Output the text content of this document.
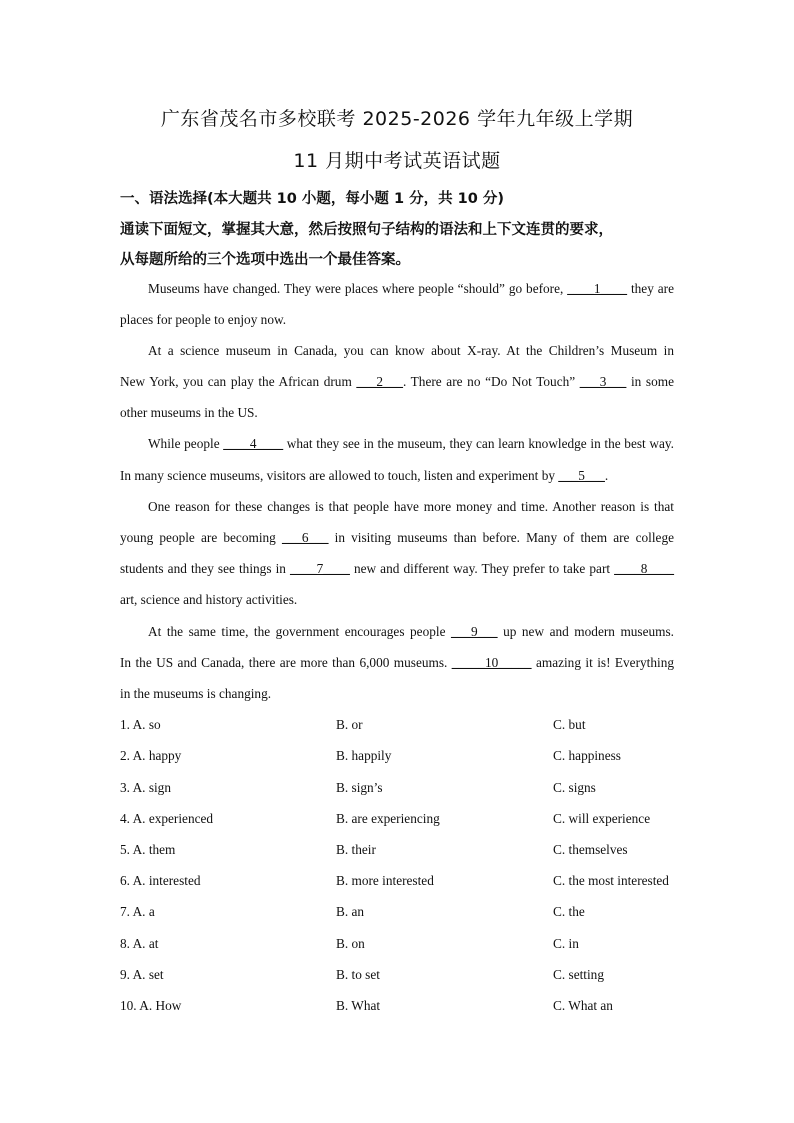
广东省茂名市多校联考 2025-2026 学年九年级上学期
11 月期中考试英语试题
一、语法选择(本大题共 10 小题，每小题 1 分，共 10 分)
通读下面短文，掌握其大意，然后按照句子结构的语法和上下文连贯的要求，
从每题所给的三个选项中选出一个最佳答案。
Museums have changed. They were places where people “should” go before, ____1____ they are
places for people to enjoy now.
At a science museum in Canada, you can know about X-ray. At the Children’s Museum in
New York, you can play the African drum ___2___. There are no “Do Not Touch” ___3___ in some
other museums in the US.
While people ____4____ what they see in the museum, they can learn knowledge in the best way.
In many science museums, visitors are allowed to touch, listen and experiment by ___5___.
One reason for these changes is that people have more money and time. Another reason is that
young people are becoming ___6___ in visiting museums than before. Many of them are college
students and they see things in ____7____ new and different way. They prefer to take part ____8____
art, science and history activities.
At the same time, the government encourages people ___9___ up new and modern museums.
In the US and Canada, there are more than 6,000 museums. _____10_____ amazing it is! Everything
in the museums is changing.
1. A. so	B. or	C. but
2. A. happy	B. happily	C. happiness
3. A. sign	B. sign’s	C. signs
4. A. experienced	B. are experiencing	C. will experience
5. A. them	B. their	C. themselves
6. A. interested	B. more interested	C. the most interested
7. A. a	B. an	C. the
8. A. at	B. on	C. in
9. A. set	B. to set	C. setting
10. A. How	B. What	C. What an
